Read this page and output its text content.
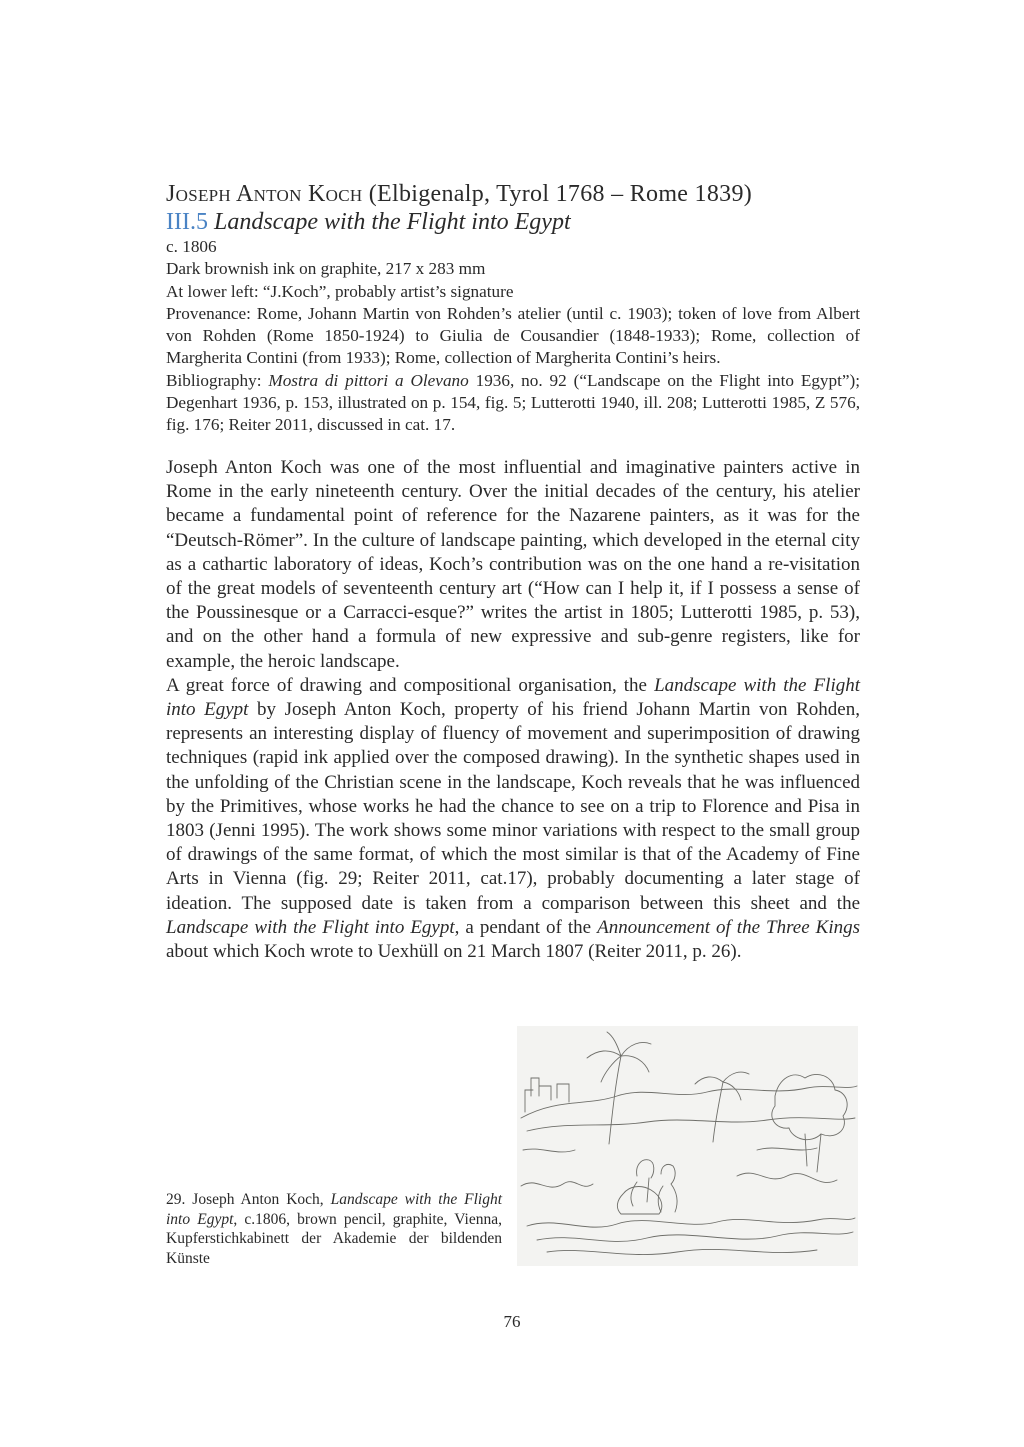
Joseph Anton Koch (Elbigenalp, Tyrol 1768 – Rome 1839)
III.5 Landscape with the Flight into Egypt

c. 1806

Dark brownish ink on graphite, 217 x 283 mm

At lower left: “J.Koch”, probably artist’s signature

Provenance: Rome, Johann Martin von Rohden’s atelier (until c. 1903); token of love from Albert von Rohden (Rome 1850-1924) to Giulia de Cousandier (1848-1933); Rome, collection of Margherita Contini (from 1933); Rome, collection of Margherita Contini’s heirs.

Bibliography: Mostra di pittori a Olevano 1936, no. 92 (“Landscape on the Flight into Egypt”); Degenhart 1936, p. 153, illustrated on p. 154, fig. 5; Lutterotti 1940, ill. 208; Lutterotti 1985, Z 576, fig. 176; Reiter 2011, discussed in cat. 17.

Joseph Anton Koch was one of the most influential and imaginative painters active in Rome in the early nineteenth century. Over the initial decades of the century, his atelier became a fundamental point of reference for the Nazarene painters, as it was for the “Deutsch-Römer”. In the culture of landscape painting, which developed in the eternal city as a cathartic laboratory of ideas, Koch’s contribution was on the one hand a re-visitation of the great models of seventeenth century art (“How can I help it, if I possess a sense of the Poussinesque or a Carracci-esque?” writes the artist in 1805; Lutterotti 1985, p. 53), and on the other hand a formula of new expressive and sub-genre registers, like for example, the heroic landscape.

A great force of drawing and compositional organisation, the Landscape with the Flight into Egypt by Joseph Anton Koch, property of his friend Johann Martin von Rohden, represents an interesting display of fluency of movement and superimposition of drawing techniques (rapid ink applied over the composed drawing). In the synthetic shapes used in the unfolding of the Christian scene in the landscape, Koch reveals that he was influenced by the Primitives, whose works he had the chance to see on a trip to Florence and Pisa in 1803 (Jenni 1995). The work shows some minor variations with respect to the small group of drawings of the same format, of which the most similar is that of the Academy of Fine Arts in Vienna (fig. 29; Reiter 2011, cat.17), probably documenting a later stage of ideation. The supposed date is taken from a comparison between this sheet and the Landscape with the Flight into Egypt, a pendant of the Announcement of the Three Kings about which Koch wrote to Uexhüll on 21 March 1807 (Reiter 2011, p. 26).

29. Joseph Anton Koch, Landscape with the Flight into Egypt, c.1806, brown pencil, graphite, Vienna, Kupferstichkabinett der Akademie der bildenden Künste
76
